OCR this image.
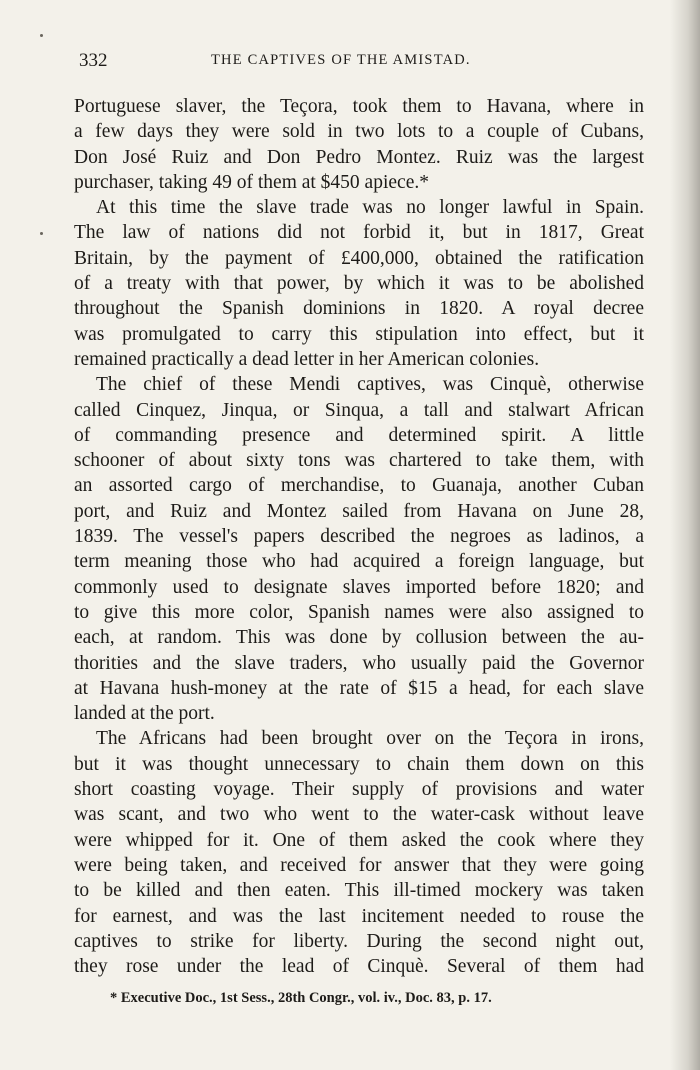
332	THE CAPTIVES OF THE AMISTAD.
Portuguese slaver, the Teçora, took them to Havana, where in
a few days they were sold in two lots to a couple of Cubans,
Don José Ruiz and Don Pedro Montez. Ruiz was the largest
purchaser, taking 49 of them at $450 apiece.*
At this time the slave trade was no longer lawful in Spain.
The law of nations did not forbid it, but in 1817, Great
Britain, by the payment of £400,000, obtained the ratification
of a treaty with that power, by which it was to be abolished
throughout the Spanish dominions in 1820. A royal decree
was promulgated to carry this stipulation into effect, but it
remained practically a dead letter in her American colonies.
The chief of these Mendi captives, was Cinquè, otherwise
called Cinquez, Jinqua, or Sinqua, a tall and stalwart African
of commanding presence and determined spirit. A little
schooner of about sixty tons was chartered to take them, with
an assorted cargo of merchandise, to Guanaja, another Cuban
port, and Ruiz and Montez sailed from Havana on June 28,
1839. The vessel's papers described the negroes as ladinos, a
term meaning those who had acquired a foreign language, but
commonly used to designate slaves imported before 1820; and
to give this more color, Spanish names were also assigned to
each, at random. This was done by collusion between the au-
thorities and the slave traders, who usually paid the Governor
at Havana hush-money at the rate of $15 a head, for each slave
landed at the port.
The Africans had been brought over on the Teçora in irons,
but it was thought unnecessary to chain them down on this
short coasting voyage. Their supply of provisions and water
was scant, and two who went to the water-cask without leave
were whipped for it. One of them asked the cook where they
were being taken, and received for answer that they were going
to be killed and then eaten. This ill-timed mockery was taken
for earnest, and was the last incitement needed to rouse the
captives to strike for liberty. During the second night out,
they rose under the lead of Cinquè. Several of them had
* Executive Doc., 1st Sess., 28th Congr., vol. iv., Doc. 83, p. 17.
